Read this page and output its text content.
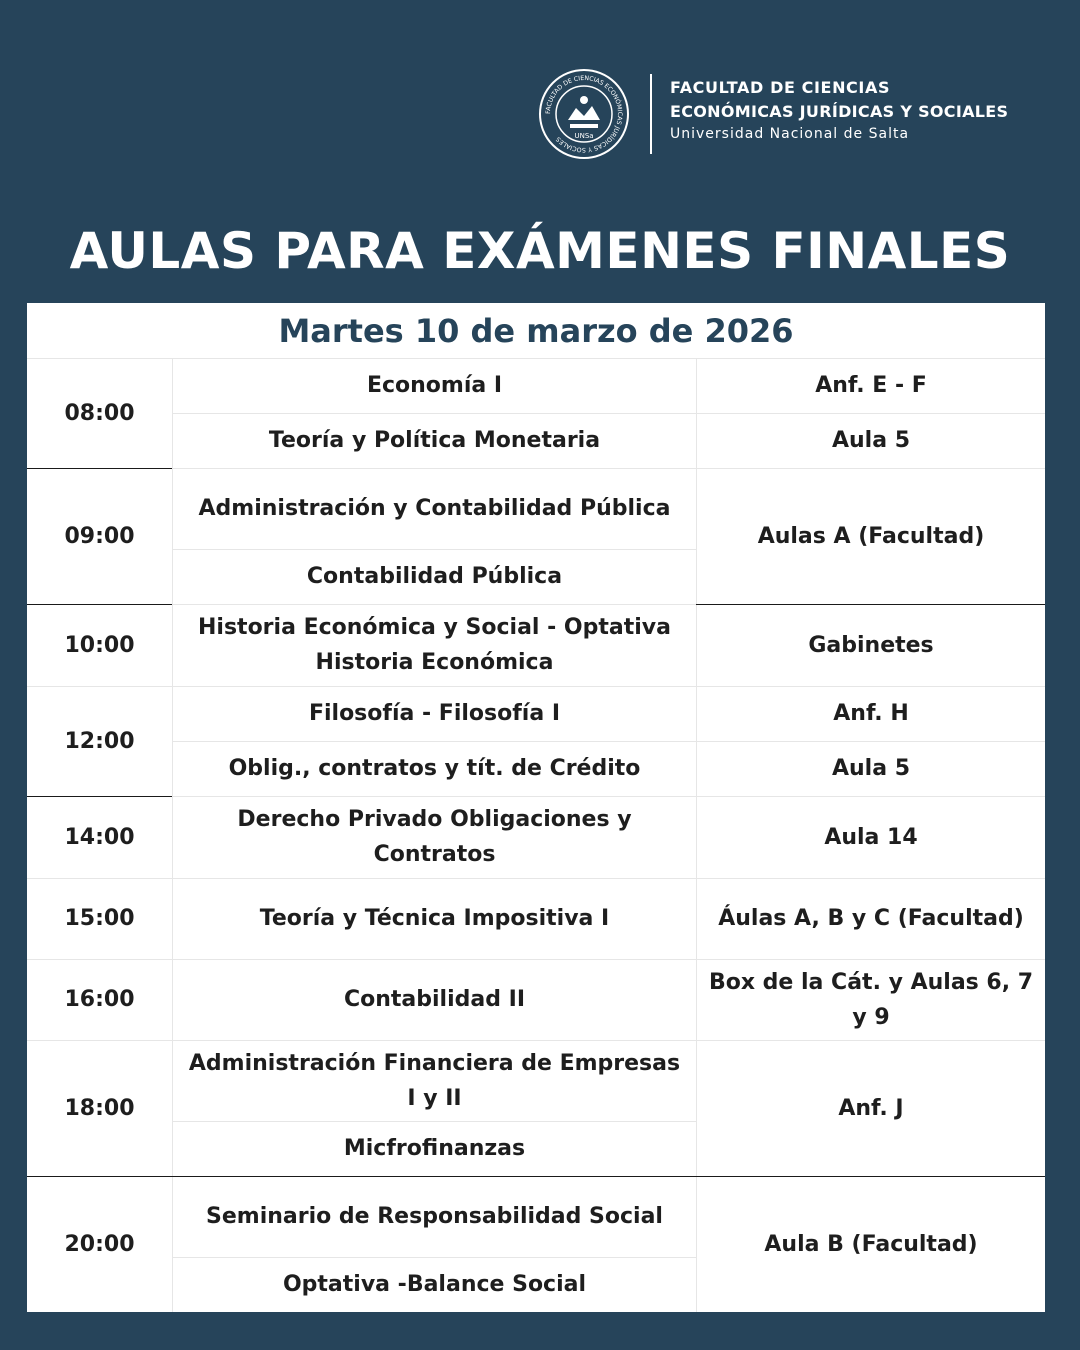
FACULTAD DE CIENCIAS ECONÓMICAS JURÍDICAS Y SOCIALES	UNSa
FACULTAD DE CIENCIAS
ECONÓMICAS JURÍDICAS Y SOCIALES
Universidad Nacional de Salta
AULAS PARA EXÁMENES FINALES
Martes 10 de marzo de 2026
08:00
09:00
10:00
12:00
14:00
15:00
16:00
18:00
20:00
Economía I
Teoría y Política Monetaria
Administración y Contabilidad Pública
Contabilidad Pública
Historia Económica y Social - Optativa Historia Económica
Filosofía - Filosofía I
Oblig., contratos y tít. de Crédito
Derecho Privado Obligaciones y Contratos
Teoría y Técnica Impositiva I
Contabilidad II
Administración Financiera de Empresas I y II
Micfrofinanzas
Seminario de Responsabilidad Social
Optativa -Balance Social
Anf. E - F
Aula 5
Aulas A (Facultad)
Gabinetes
Anf. H
Aula 5
Aula 14
Áulas A, B y C (Facultad)
Box de la Cát. y Aulas 6, 7 y 9
Anf. J
Aula B (Facultad)
